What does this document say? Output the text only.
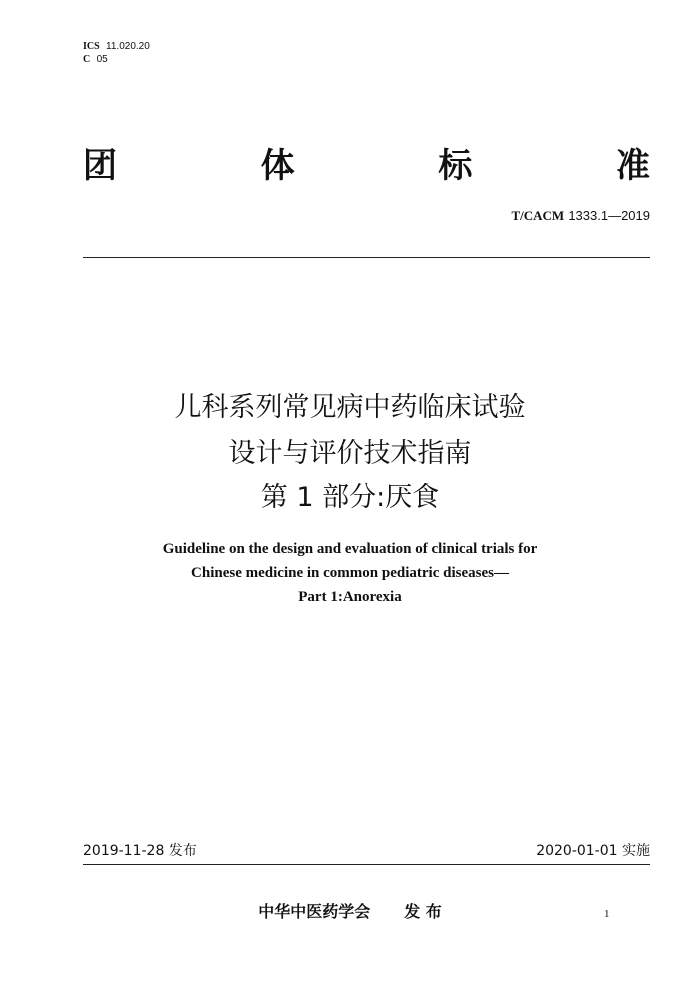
ICS 11.020.20
C 05
团	体	标	准
T/CACM 1333.1—2019
儿科系列常见病中药临床试验
设计与评价技术指南
第 1 部分:厌食
Guideline on the design and evaluation of clinical trials for
Chinese medicine in common pediatric diseases—
Part 1:Anorexia
2019-11-28 发布	2020-01-01 实施
中华中医药学会 发 布	1
